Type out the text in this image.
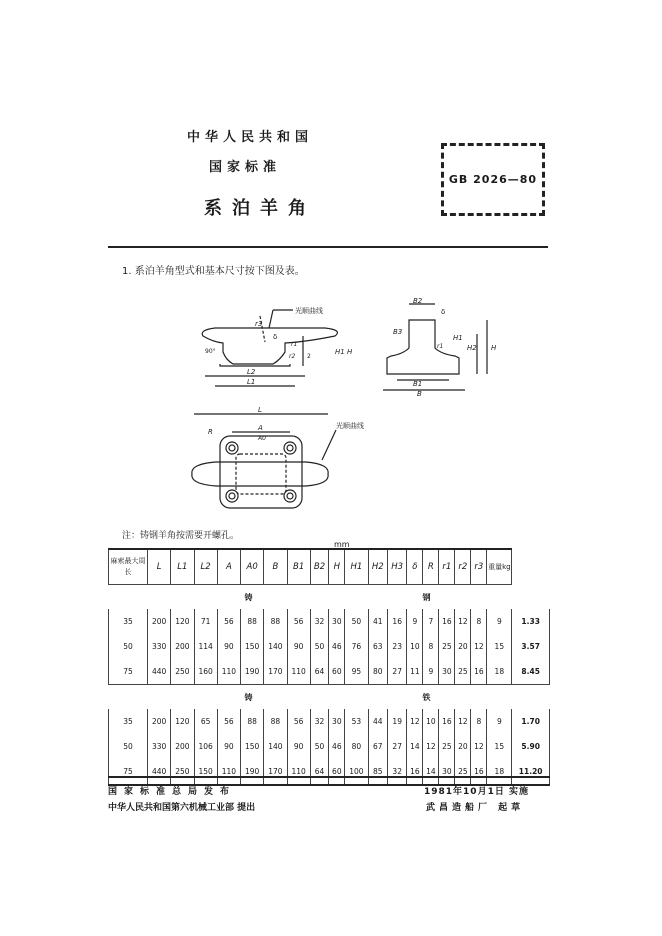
中华人民共和国
国家标准
系泊羊角
GB 2026—80
1. 系泊羊角型式和基本尺寸按下图及表。
光顺曲线
L2
L1
H
H1
δ
r3
r1
r2
90°
2
B2
δ
B3
H2 H
H1
B1
B
r1
L
R	A
A0
光顺曲线
注：铸钢羊角按需要开螺孔。
mm
麻索最大周长	L	L1	L2	A	A0	B	B1	B2	H	H1	H2	H3	δ	R	r1	r2	r3	重量kg	

铸 钢																			

35	200	120	71	56	88	88	56	32	30	50	41	16	9	7	16	12	8	9	1.33
50	330	200	114	90	150	140	90	50	46	76	63	23	10	8	25	20	12	15	3.57
75	440	250	160	110	190	170	110	64	60	95	80	27	11	9	30	25	16	18	8.45

铸 铁																			

35	200	120	65	56	88	88	56	32	30	53	44	19	12	10	16	12	8	9	1.70
50	330	200	106	90	150	140	90	50	46	80	67	27	14	12	25	20	12	15	5.90
75	440	250	150	110	190	170	110	64	60	100	85	32	16	14	30	25	16	18	11.20
国家标准总局发布	1981年10月1日 实施
中华人民共和国第六机械工业部 提出	武昌造船厂 起草
